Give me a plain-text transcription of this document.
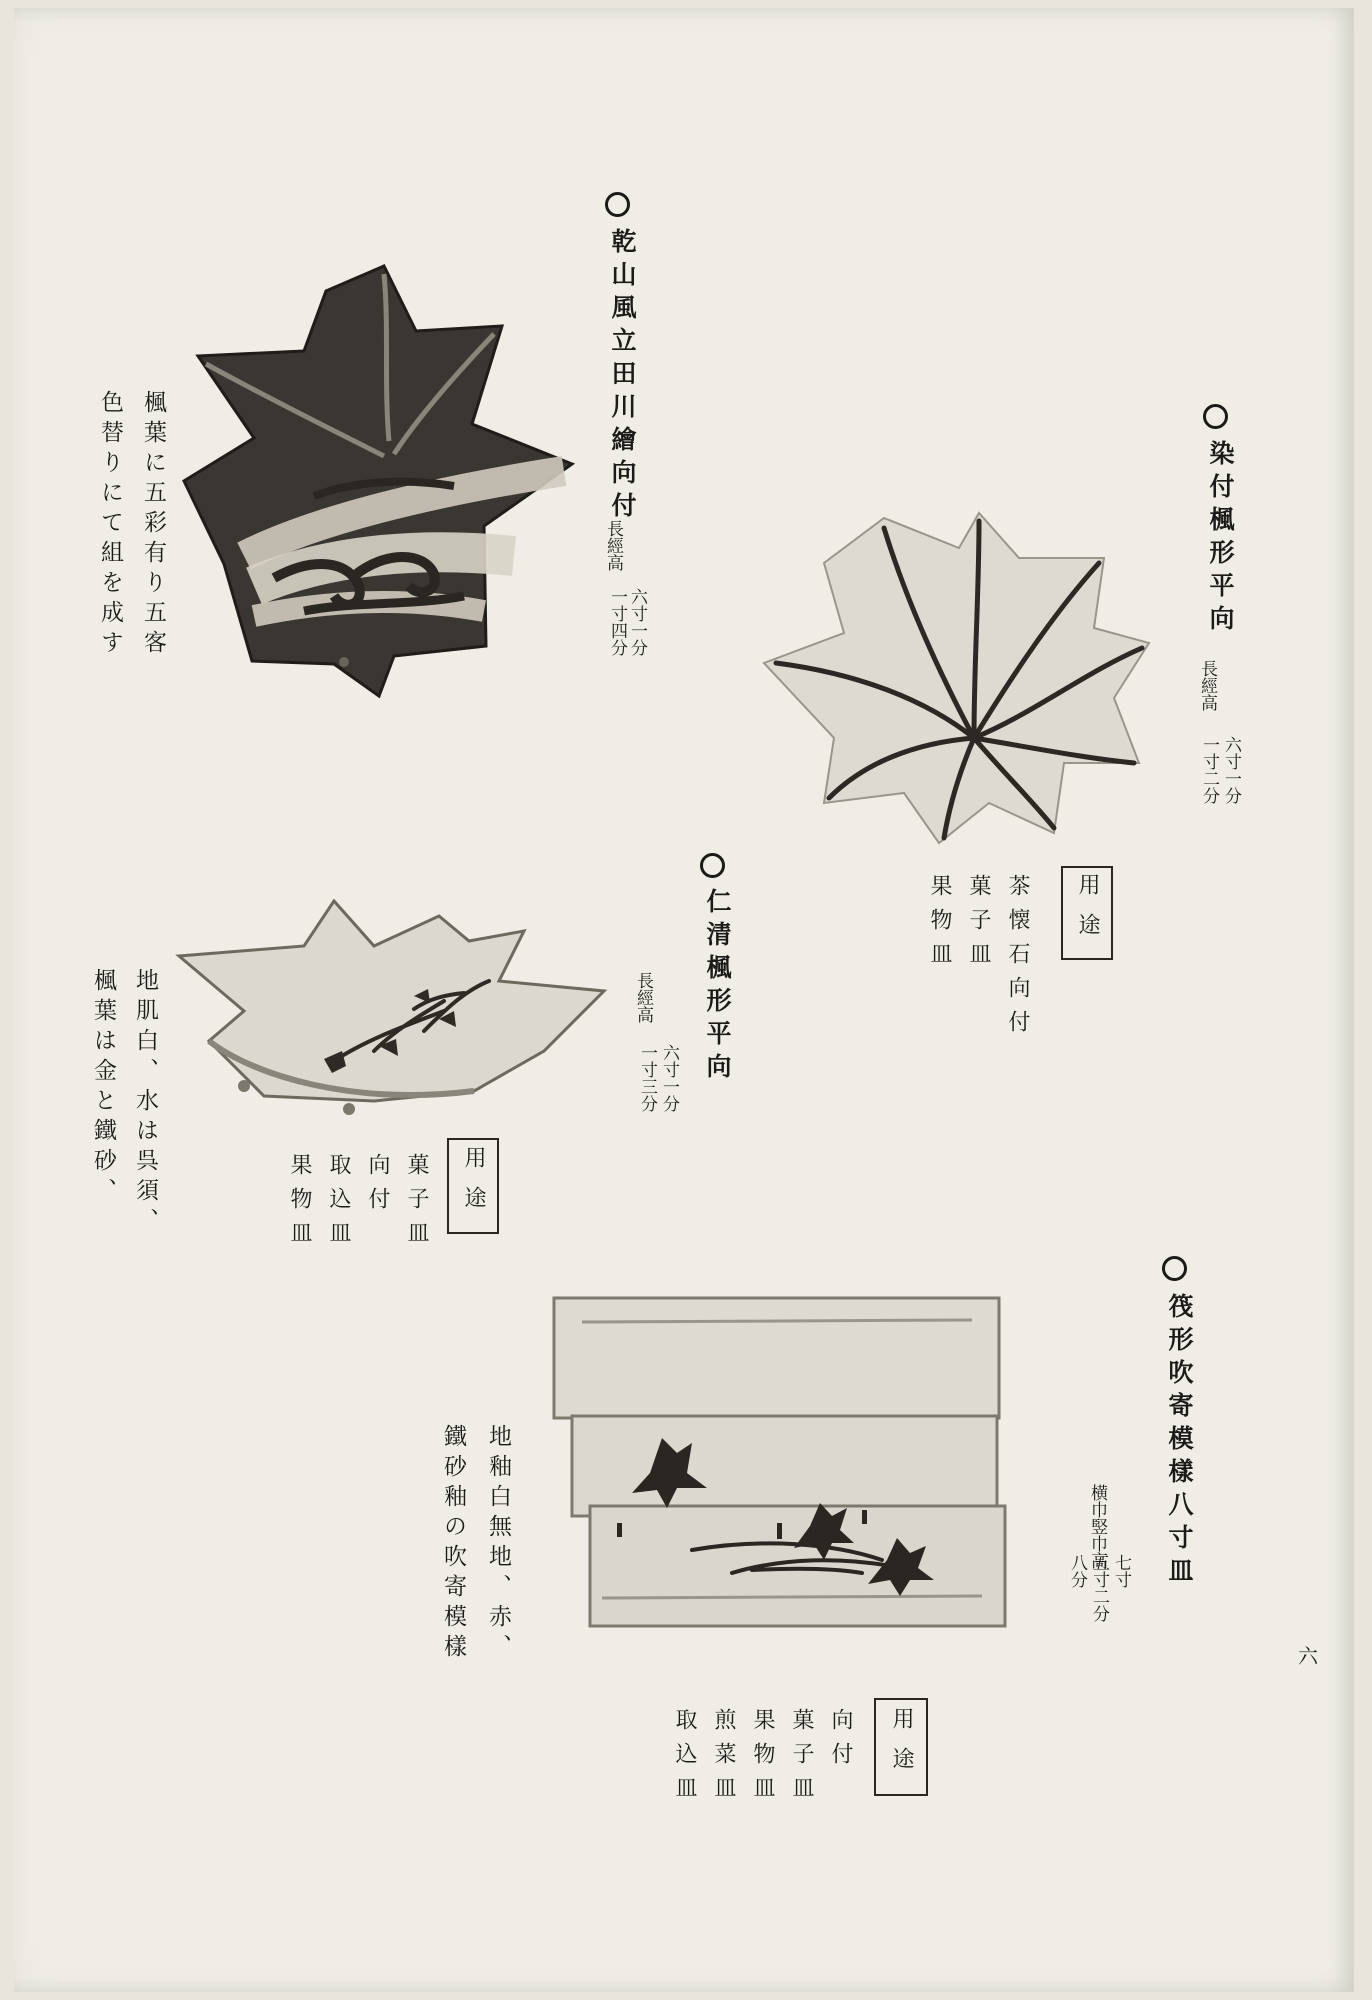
乾山風立田川繪向付
長經高
六寸一分
一寸四分
楓葉に五彩有り五客
色替りにて組を成す	染付楓形平向
長經高
六寸一分
一寸二分
用途
茶懐石向付
菓子皿
果物皿
仁清楓形平向
長經高
六寸一分
一寸三分
用途
菓子皿
向付
取込皿
果物皿
地肌白、水は呉須、
楓葉は金と鐵砂、
筏形吹寄模樣八寸皿
横巾竪巾高
七寸
五寸二分
八分
地釉白無地、赤、
鐵砂釉の吹寄模樣
用途
向付
菓子皿
果物皿
煎菜皿
取込皿
六
